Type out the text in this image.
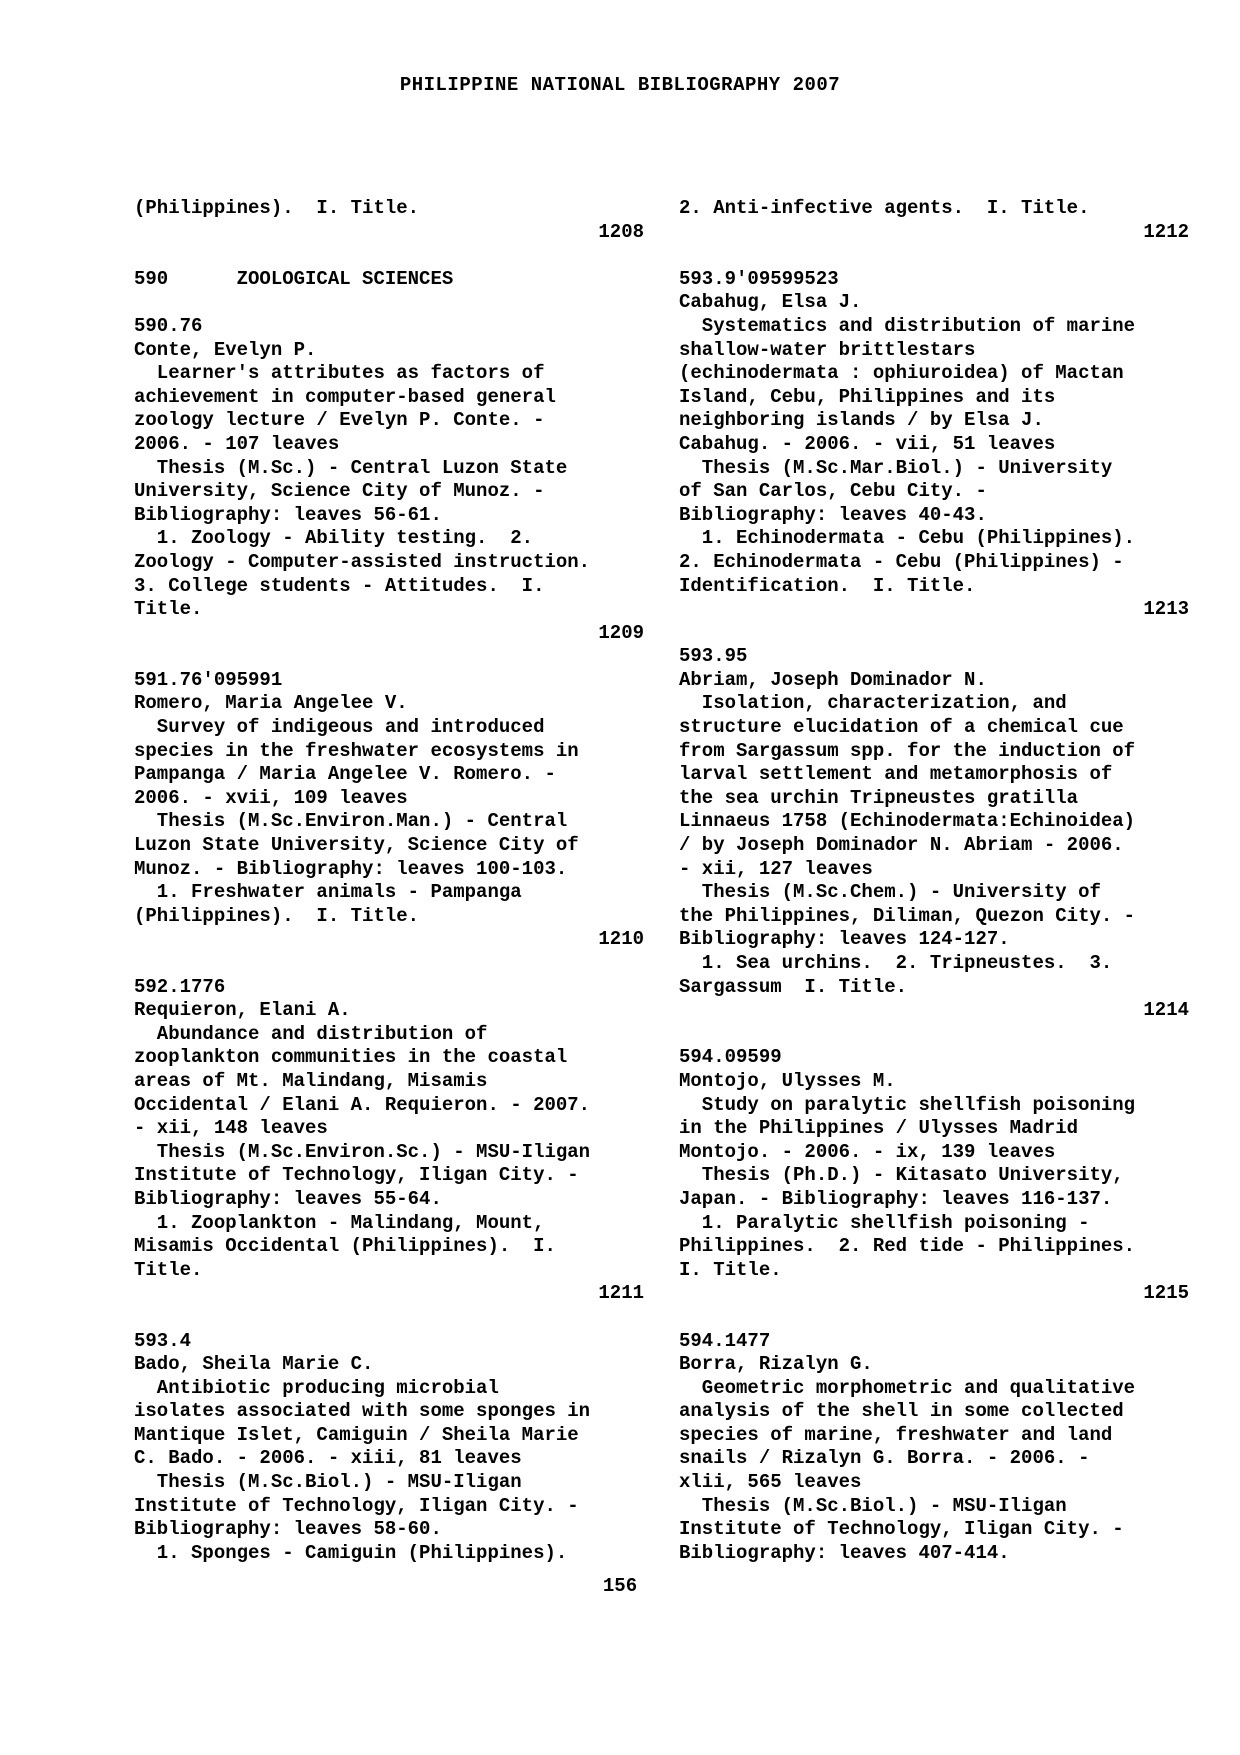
PHILIPPINE NATIONAL BIBLIOGRAPHY 2007
(Philippines).  I. Title.
1208
590      ZOOLOGICAL SCIENCES
590.76
Conte, Evelyn P.
Learner's attributes as factors of
achievement in computer-based general
zoology lecture / Evelyn P. Conte. -
2006. - 107 leaves
Thesis (M.Sc.) - Central Luzon State
University, Science City of Munoz. -
Bibliography: leaves 56-61.
1. Zoology - Ability testing.  2.
Zoology - Computer-assisted instruction.
3. College students - Attitudes.  I.
Title.
1209
591.76'095991
Romero, Maria Angelee V.
Survey of indigeous and introduced
species in the freshwater ecosystems in
Pampanga / Maria Angelee V. Romero. -
2006. - xvii, 109 leaves
Thesis (M.Sc.Environ.Man.) - Central
Luzon State University, Science City of
Munoz. - Bibliography: leaves 100-103.
1. Freshwater animals - Pampanga
(Philippines).  I. Title.
1210
592.1776
Requieron, Elani A.
Abundance and distribution of
zooplankton communities in the coastal
areas of Mt. Malindang, Misamis
Occidental / Elani A. Requieron. - 2007.
- xii, 148 leaves
Thesis (M.Sc.Environ.Sc.) - MSU-Iligan
Institute of Technology, Iligan City. -
Bibliography: leaves 55-64.
1. Zooplankton - Malindang, Mount,
Misamis Occidental (Philippines).  I.
Title.
1211
593.4
Bado, Sheila Marie C.
Antibiotic producing microbial
isolates associated with some sponges in
Mantique Islet, Camiguin / Sheila Marie
C. Bado. - 2006. - xiii, 81 leaves
Thesis (M.Sc.Biol.) - MSU-Iligan
Institute of Technology, Iligan City. -
Bibliography: leaves 58-60.
1. Sponges - Camiguin (Philippines).
2. Anti-infective agents.  I. Title.
1212
593.9'09599523
Cabahug, Elsa J.
Systematics and distribution of marine
shallow-water brittlestars
(echinodermata : ophiuroidea) of Mactan
Island, Cebu, Philippines and its
neighboring islands / by Elsa J.
Cabahug. - 2006. - vii, 51 leaves
Thesis (M.Sc.Mar.Biol.) - University
of San Carlos, Cebu City. -
Bibliography: leaves 40-43.
1. Echinodermata - Cebu (Philippines).
2. Echinodermata - Cebu (Philippines) -
Identification.  I. Title.
1213
593.95
Abriam, Joseph Dominador N.
Isolation, characterization, and
structure elucidation of a chemical cue
from Sargassum spp. for the induction of
larval settlement and metamorphosis of
the sea urchin Tripneustes gratilla
Linnaeus 1758 (Echinodermata:Echinoidea)
/ by Joseph Dominador N. Abriam - 2006.
- xii, 127 leaves
Thesis (M.Sc.Chem.) - University of
the Philippines, Diliman, Quezon City. -
Bibliography: leaves 124-127.
1. Sea urchins.  2. Tripneustes.  3.
Sargassum  I. Title.
1214
594.09599
Montojo, Ulysses M.
Study on paralytic shellfish poisoning
in the Philippines / Ulysses Madrid
Montojo. - 2006. - ix, 139 leaves
Thesis (Ph.D.) - Kitasato University,
Japan. - Bibliography: leaves 116-137.
1. Paralytic shellfish poisoning -
Philippines.  2. Red tide - Philippines.
I. Title.
1215
594.1477
Borra, Rizalyn G.
Geometric morphometric and qualitative
analysis of the shell in some collected
species of marine, freshwater and land
snails / Rizalyn G. Borra. - 2006. -
xlii, 565 leaves
Thesis (M.Sc.Biol.) - MSU-Iligan
Institute of Technology, Iligan City. -
Bibliography: leaves 407-414.
156
